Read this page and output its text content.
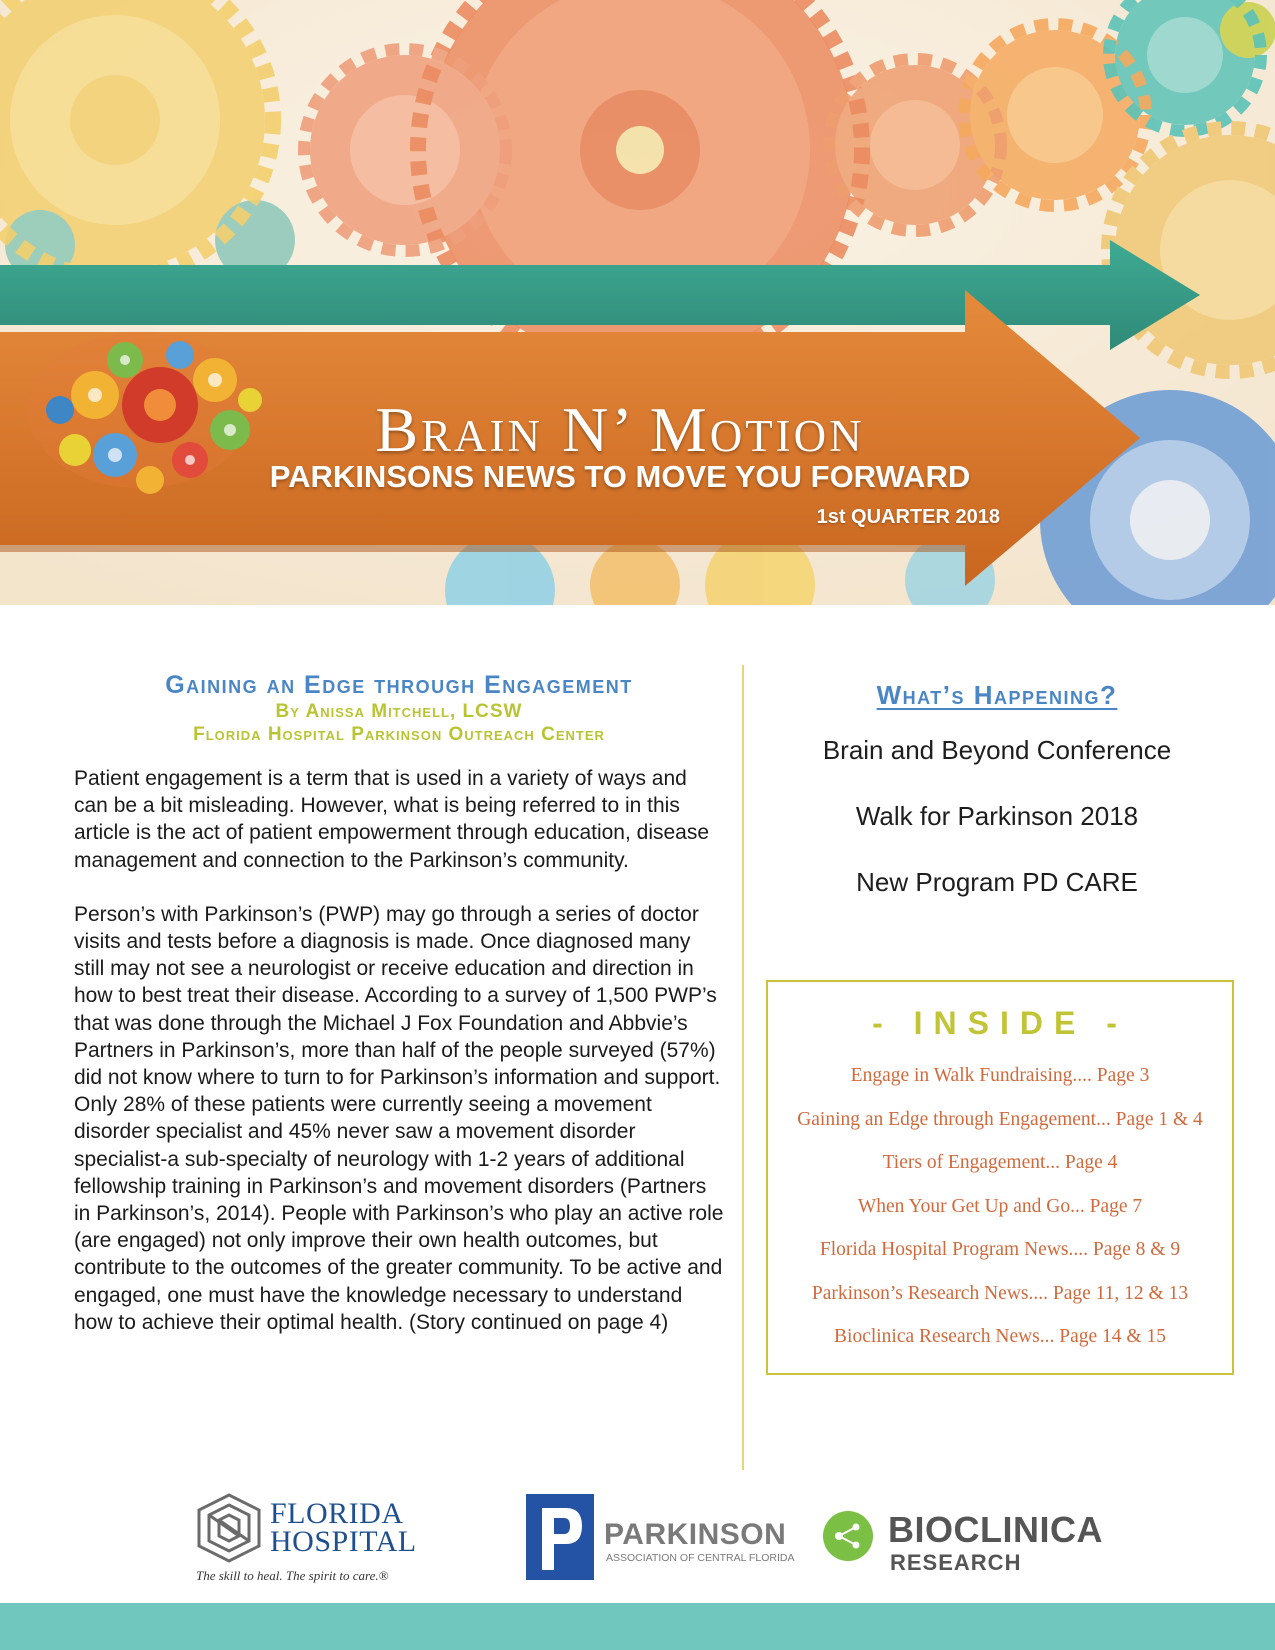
Brain N’ Motion
PARKINSONS NEWS TO MOVE YOU FORWARD
1st QUARTER 2018
Gaining an Edge through Engagement
By Anissa Mitchell, LCSW
Florida Hospital Parkinson Outreach Center

Patient engagement is a term that is used in a variety of ways and can be a bit misleading. However, what is being referred to in this article is the act of patient empowerment through education, disease management and connection to the Parkinson’s community.

Person’s with Parkinson’s (PWP) may go through a series of doctor visits and tests before a diagnosis is made. Once diagnosed many still may not see a neurologist or receive education and direction in how to best treat their disease. According to a survey of 1,500 PWP’s that was done through the Michael J Fox Foundation and Abbvie’s Partners in Parkinson’s, more than half of the people surveyed (57%) did not know where to turn to for Parkinson’s information and support. Only 28% of these patients were currently seeing a movement disorder specialist and 45% never saw a movement disorder specialist-a sub-specialty of neurology with 1-2 years of additional fellowship training in Parkinson’s and movement disorders (Partners in Parkinson’s, 2014). People with Parkinson’s who play an active role (are engaged) not only improve their own health outcomes, but contribute to the outcomes of the greater community. To be active and engaged, one must have the knowledge necessary to understand how to achieve their optimal health. (Story continued on page 4)

What’s Happening?
Brain and Beyond Conference
Walk for Parkinson 2018
New Program PD CARE
- INSIDE -
Engage in Walk Fundraising.... Page 3
Gaining an Edge through Engagement... Page 1 & 4
Tiers of Engagement... Page 4
When Your Get Up and Go... Page 7
Florida Hospital Program News.... Page 8 & 9
Parkinson’s Research News.... Page 11, 12 & 13
Bioclinica Research News... Page 14 & 15
FLORIDA
HOSPITAL
The skill to heal. The spirit to care.®
PARKINSON
ASSOCIATION OF CENTRAL FLORIDA
BIOCLINICA
RESEARCH
